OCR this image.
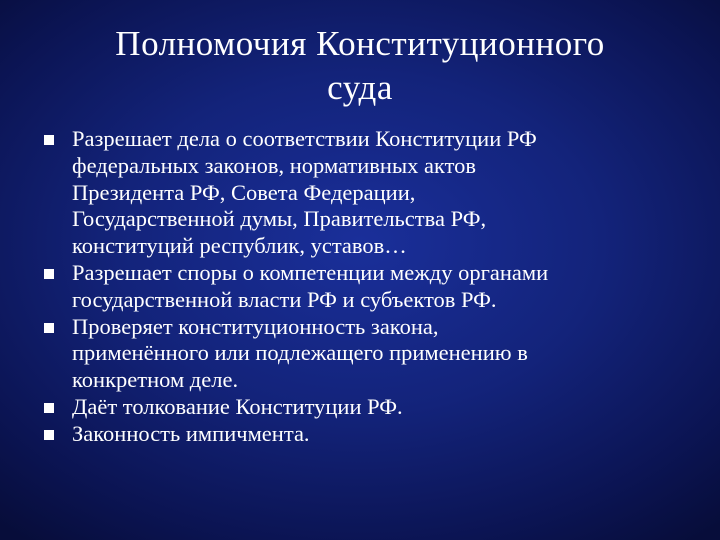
Полномочия Конституционного
суда
Разрешает дела о соответствии Конституции РФ
федеральных законов, нормативных актов
Президента РФ, Совета Федерации,
Государственной думы, Правительства РФ,
конституций республик, уставов…
Разрешает споры о компетенции между органами
государственной власти РФ и субъектов РФ.
Проверяет конституционность закона,
применённого или подлежащего применению в
конкретном деле.
Даёт толкование Конституции РФ.
Законность импичмента.
